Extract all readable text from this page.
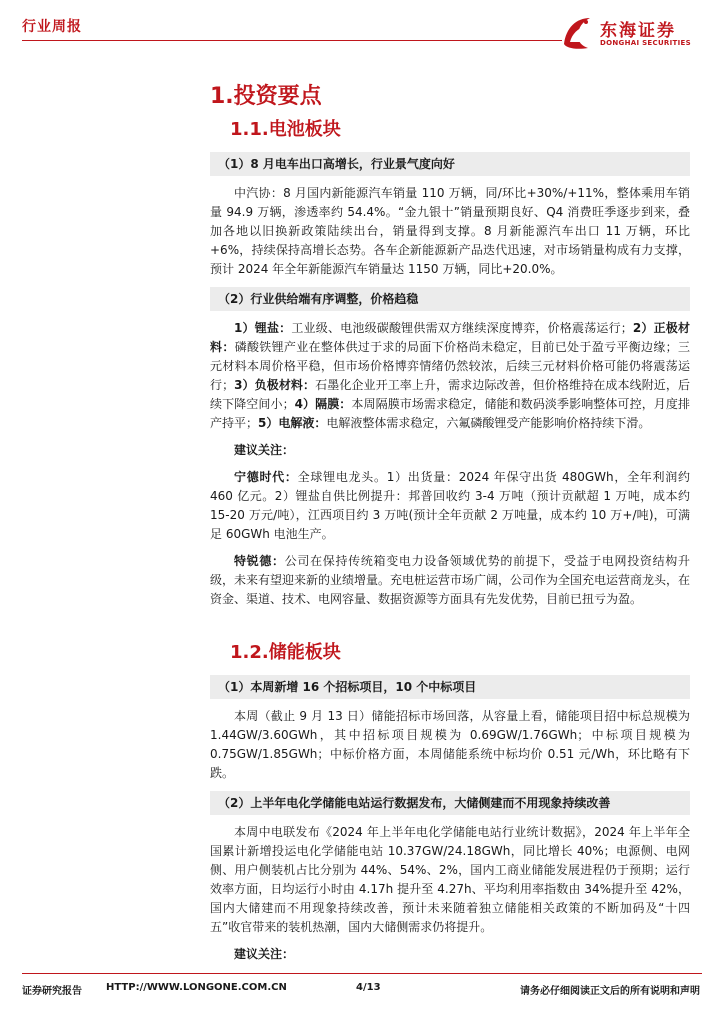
行业周报	东海证券
DONGHAI SECURITIES
1.投资要点
1.1.电池板块
（1）8 月电车出口高增长，行业景气度向好

中汽协：8 月国内新能源汽车销量 110 万辆，同/环比+30%/+11%，整体乘用车销量 94.9 万辆，渗透率约 54.4%。“金九银十”销量预期良好、Q4 消费旺季逐步到来，叠加各地以旧换新政策陆续出台，销量得到支撑。8 月新能源汽车出口 11 万辆，环比+6%，持续保持高增长态势。各车企新能源新产品迭代迅速，对市场销量构成有力支撑，预计 2024 年全年新能源汽车销量达 1150 万辆，同比+20.0%。

（2）行业供给端有序调整，价格趋稳

1）锂盐：工业级、电池级碳酸锂供需双方继续深度博弈，价格震荡运行；2）正极材料：磷酸铁锂产业在整体供过于求的局面下价格尚未稳定，目前已处于盈亏平衡边缘；三元材料本周价格平稳，但市场价格博弈情绪仍然较浓，后续三元材料价格可能仍将震荡运行；3）负极材料：石墨化企业开工率上升，需求边际改善，但价格维持在成本线附近，后续下降空间小；4）隔膜：本周隔膜市场需求稳定，储能和数码淡季影响整体可控，月度排产持平；5）电解液：电解液整体需求稳定，六氟磷酸锂受产能影响价格持续下滑。

建议关注：

宁德时代：全球锂电龙头。1）出货量：2024 年保守出货 480GWh，全年利润约 460 亿元。2）锂盐自供比例提升：邦普回收约 3-4 万吨（预计贡献超 1 万吨，成本约 15-20 万元/吨），江西项目约 3 万吨(预计全年贡献 2 万吨量，成本约 10 万+/吨)，可满足 60GWh 电池生产。

特锐德：公司在保持传统箱变电力设备领域优势的前提下，受益于电网投资结构升级，未来有望迎来新的业绩增量。充电桩运营市场广阔，公司作为全国充电运营商龙头，在资金、渠道、技术、电网容量、数据资源等方面具有先发优势，目前已扭亏为盈。

1.2.储能板块
（1）本周新增 16 个招标项目，10 个中标项目

本周（截止 9 月 13 日）储能招标市场回落，从容量上看，储能项目招中标总规模为 1.44GW/3.60GWh，其中招标项目规模为 0.69GW/1.76GWh；中标项目规模为 0.75GW/1.85GWh；中标价格方面，本周储能系统中标均价 0.51 元/Wh，环比略有下跌。

（2）上半年电化学储能电站运行数据发布，大储侧建而不用现象持续改善

本周中电联发布《2024 年上半年电化学储能电站行业统计数据》，2024 年上半年全国累计新增投运电化学储能电站 10.37GW/24.18GWh，同比增长 40%；电源侧、电网侧、用户侧装机占比分别为 44%、54%、2%，国内工商业储能发展进程仍于预期；运行效率方面，日均运行小时由 4.17h 提升至 4.27h、平均利用率指数由 34%提升至 42%，国内大储建而不用现象持续改善，预计未来随着独立储能相关政策的不断加码及“十四五”收官带来的装机热潮，国内大储侧需求仍将提升。

建议关注：

证券研究报告 HTTP://WWW.LONGONE.COM.CN	4/13	请务必仔细阅读正文后的所有说明和声明
